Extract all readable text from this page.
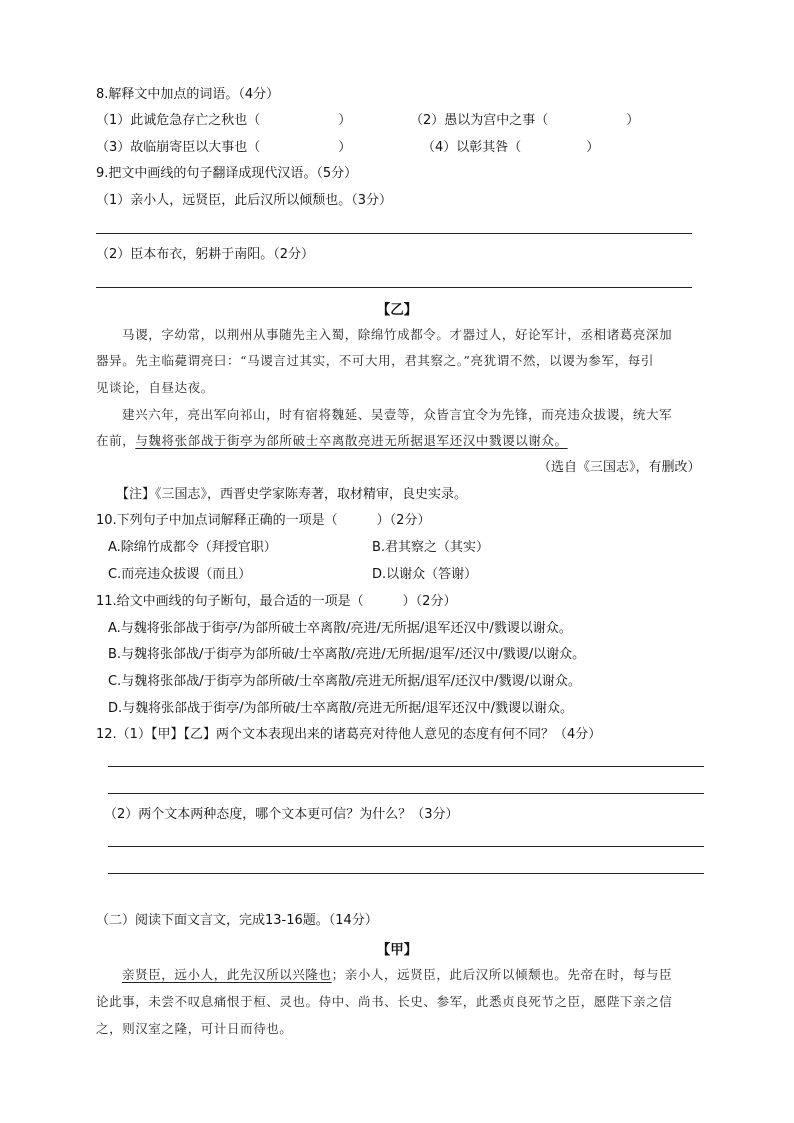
8.解释文中加点的词语。（4分）
（1）此诚危急存亡之秋也（　　　　　　）	（2）愚以为宫中之事（　　　　　　）
（3）故临崩寄臣以大事也（　　　　　　）	（4）以彰其咎（　　　　　）
9.把文中画线的句子翻译成现代汉语。（5分）
（1）亲小人，远贤臣，此后汉所以倾颓也。（3分）
（2）臣本布衣，躬耕于南阳。（2分）
【乙】
马谡，字幼常，以荆州从事随先主入蜀，除绵竹成都令。才器过人，好论军计，丞相诸葛亮深加
器异。先主临薨谓亮曰：“马谡言过其实，不可大用，君其察之。”亮犹谓不然，以谡为参军，每引
见谈论，自昼达夜。
建兴六年，亮出军向祁山，时有宿将魏延、吴壹等，众皆言宜令为先锋，而亮违众拔谡，统大军
在前，与魏将张郃战于街亭为郃所破士卒离散亮进无所据退军还汉中戮谡以谢众。
（选自《三国志》，有删改）
【注】《三国志》，西晋史学家陈寿著，取材精审，良史实录。
10.下列句子中加点词解释正确的一项是（　　　）（2分）
A.除绵竹成都令（拜授官职）	B.君其察之（其实）
C.而亮违众拔谡（而且）	D.以谢众（答谢）
11.给文中画线的句子断句，最合适的一项是（　　　）（2分）
A.与魏将张郃战于街亭/为郃所破士卒离散/亮进/无所据/退军还汉中/戮谡以谢众。
B.与魏将张郃战/于街亭为郃所破/士卒离散/亮进/无所据/退军/还汉中/戮谡/以谢众。
C.与魏将张郃战/于街亭为郃所破/士卒离散/亮进无所据/退军/还汉中/戮谡/以谢众。
D.与魏将张郃战于街亭/为郃所破/士卒离散/亮进无所据/退军还汉中/戮谡以谢众。
12.（1）【甲】【乙】两个文本表现出来的诸葛亮对待他人意见的态度有何不同？（4分）
（2）两个文本两种态度，哪个文本更可信？为什么？（3分）
（二）阅读下面文言文，完成13-16题。（14分）
【甲】
亲贤臣，远小人，此先汉所以兴隆也；亲小人，远贤臣，此后汉所以倾颓也。先帝在时，每与臣
论此事，未尝不叹息痛恨于桓、灵也。侍中、尚书、长史、参军，此悉贞良死节之臣，愿陛下亲之信
之，则汉室之隆，可计日而待也。
